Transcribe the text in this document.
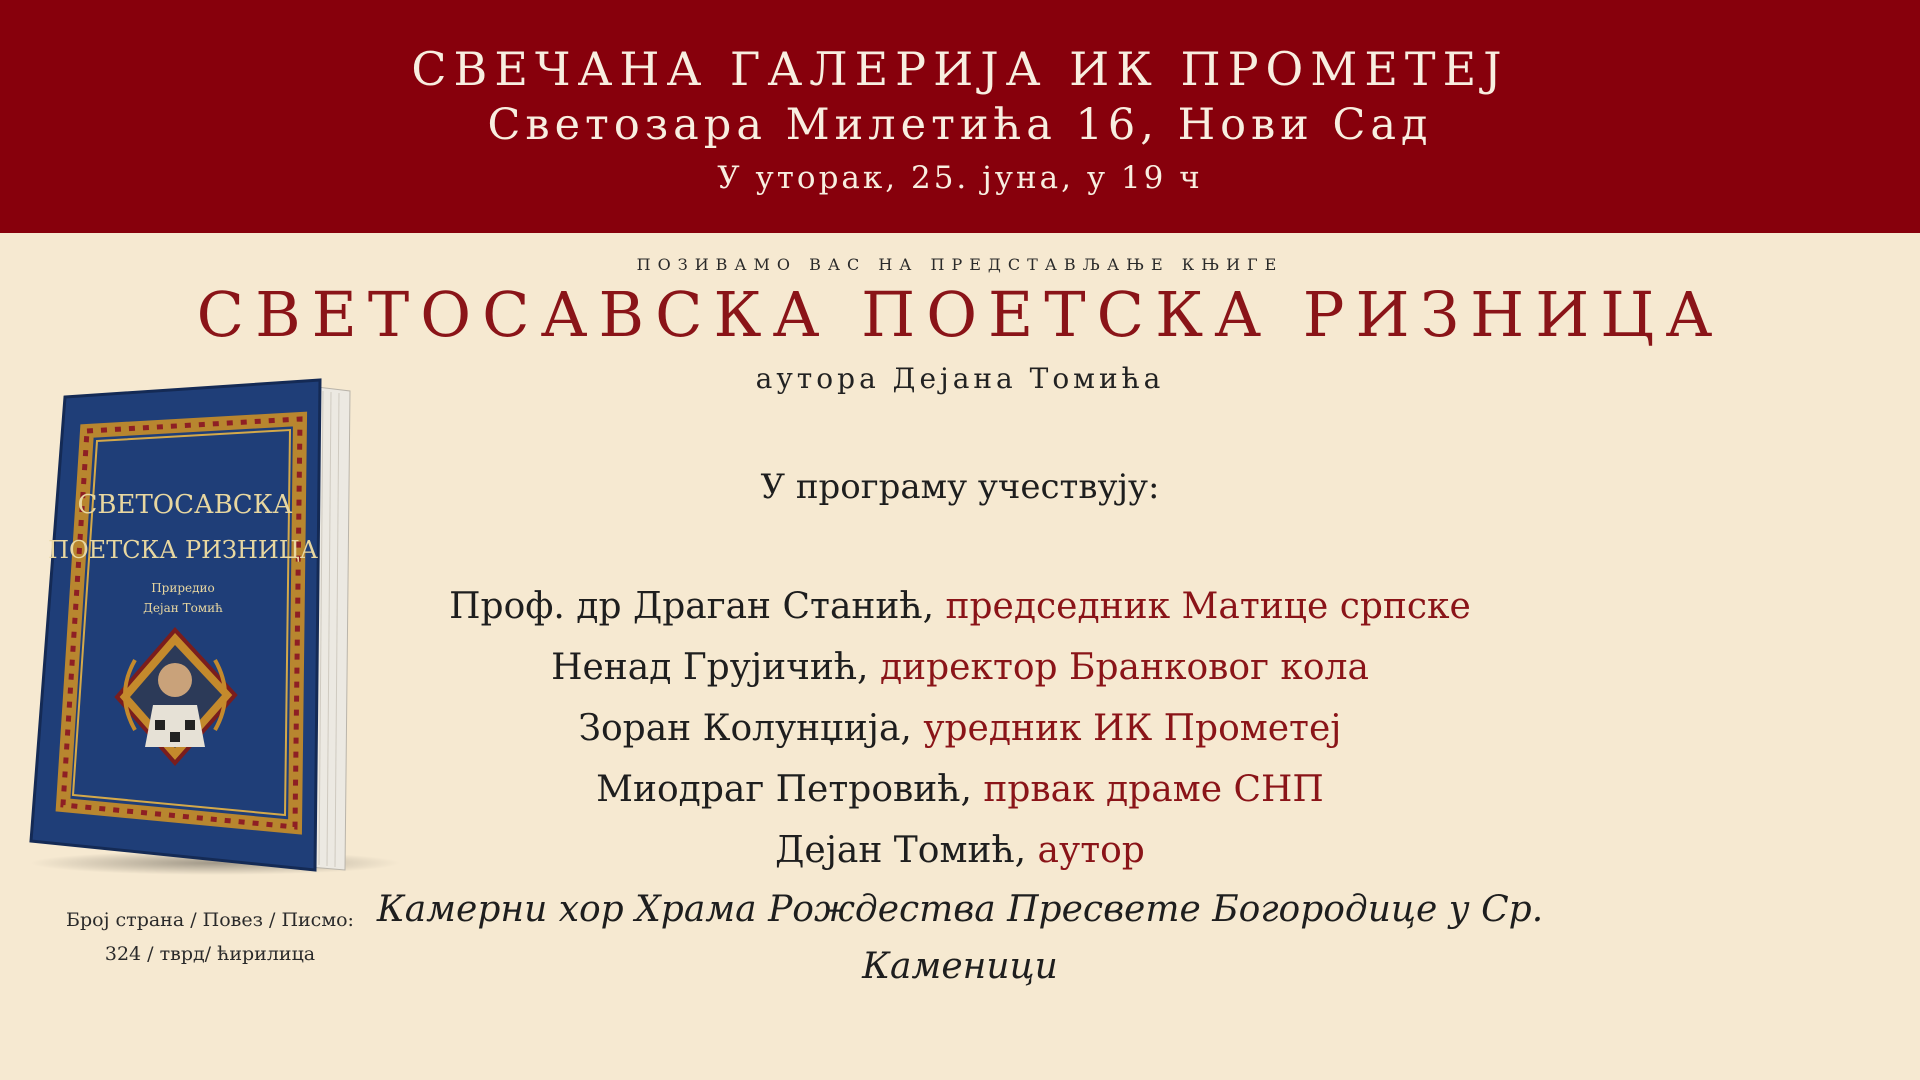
СВЕЧАНА ГАЛЕРИЈА ИК ПРОМЕТЕЈ
Светозара Милетића 16, Нови Сад
У уторак, 25. јуна, у 19 ч
ПОЗИВАМО ВАС НА ПРЕДСТАВЉАЊЕ КЊИГЕ
СВЕТОСАВСКА ПОЕТСКА РИЗНИЦА
аутора Дејана Томића
У програму учествују:
Проф. др Драган Станић, председник Матице српске
Ненад Грујичић, директор Бранковог кола
Зоран Колунџија, уредник ИК Прометеј
Миодраг Петровић, првак драме СНП
Дејан Томић, аутор
Камерни хор Храма Рождества Пресвете Богородице у Ср.
Каменици
СВЕТОСАВСКА
ПОЕТСКА РИЗНИЦА
Приредио
Дејан Томић
Број страна / Повез / Писмо:
324 / тврд/ ћирилица
